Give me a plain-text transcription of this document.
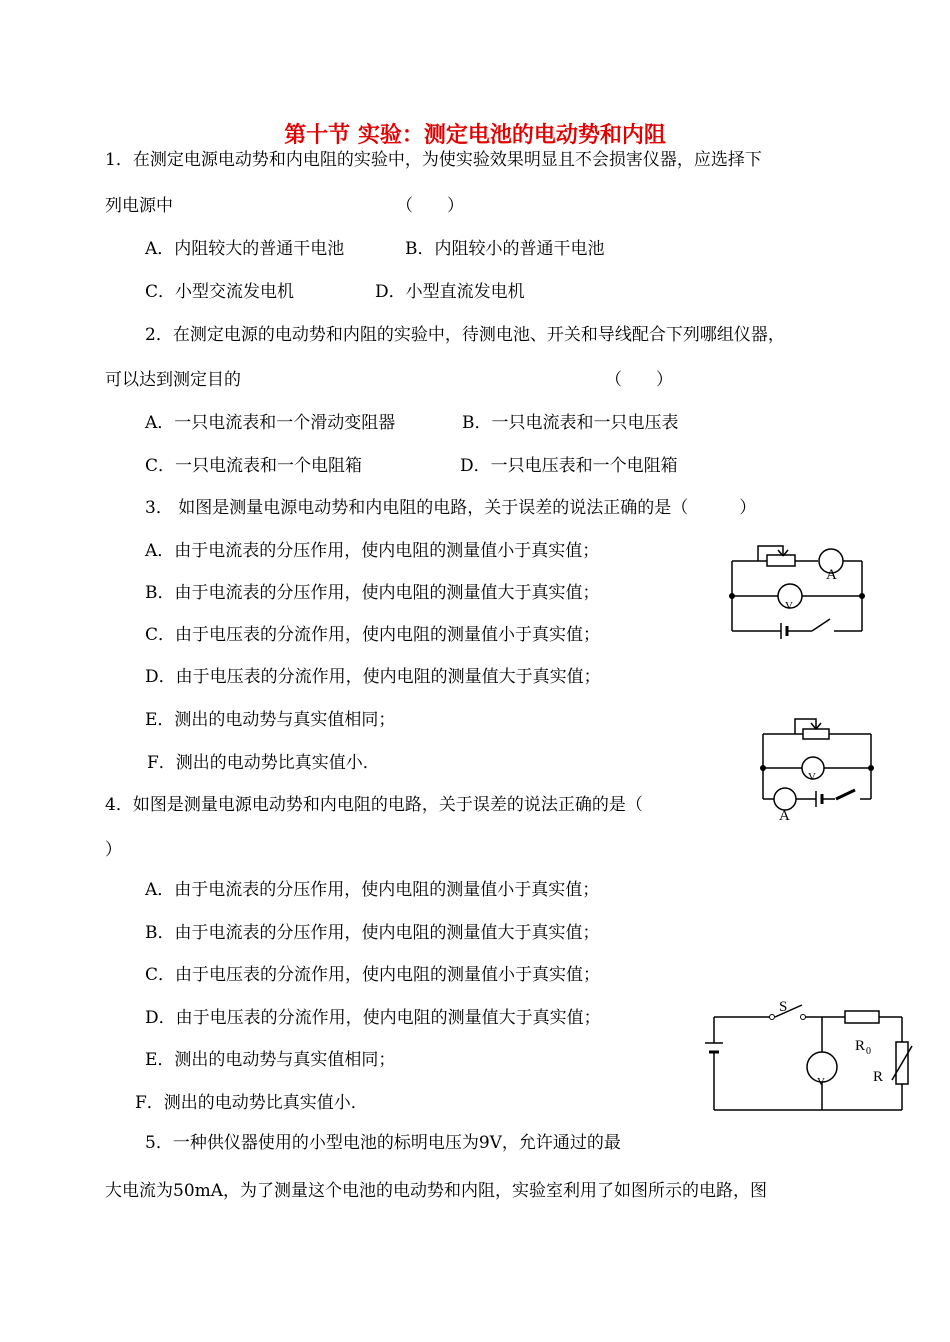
第十节 实验：测定电池的电动势和内阻
1．在测定电源电动势和内电阻的实验中，为使实验效果明显且不会损害仪器，应选择下
列电源中	（　　）
A．内阻较大的普通干电池	B．内阻较小的普通干电池
C．小型交流发电机	D．小型直流发电机
2．在测定电源的电动势和内阻的实验中，待测电池、开关和导线配合下列哪组仪器，
可以达到测定目的	（　　）
A．一只电流表和一个滑动变阻器	B．一只电流表和一只电压表
C．一只电流表和一个电阻箱	D．一只电压表和一个电阻箱
3． 如图是测量电源电动势和内电阻的电路，关于误差的说法正确的是（　　　）
A．由于电流表的分压作用，使内电阻的测量值小于真实值；
B．由于电流表的分压作用，使内电阻的测量值大于真实值；
C．由于电压表的分流作用，使内电阻的测量值小于真实值；
D．由于电压表的分流作用，使内电阻的测量值大于真实值；
E．测出的电动势与真实值相同；
F．测出的电动势比真实值小．
4．如图是测量电源电动势和内电阻的电路，关于误差的说法正确的是（
）
A．由于电流表的分压作用，使内电阻的测量值小于真实值；
B．由于电流表的分压作用，使内电阻的测量值大于真实值；
C．由于电压表的分流作用，使内电阻的测量值小于真实值；
D．由于电压表的分流作用，使内电阻的测量值大于真实值；
E．测出的电动势与真实值相同；
F．测出的电动势比真实值小．
5．一种供仪器使用的小型电池的标明电压为9V，允许通过的最
大电流为50mA，为了测量这个电池的电动势和内阻，实验室利用了如图所示的电路，图
A
V
A
V
S
R 0
R
V
